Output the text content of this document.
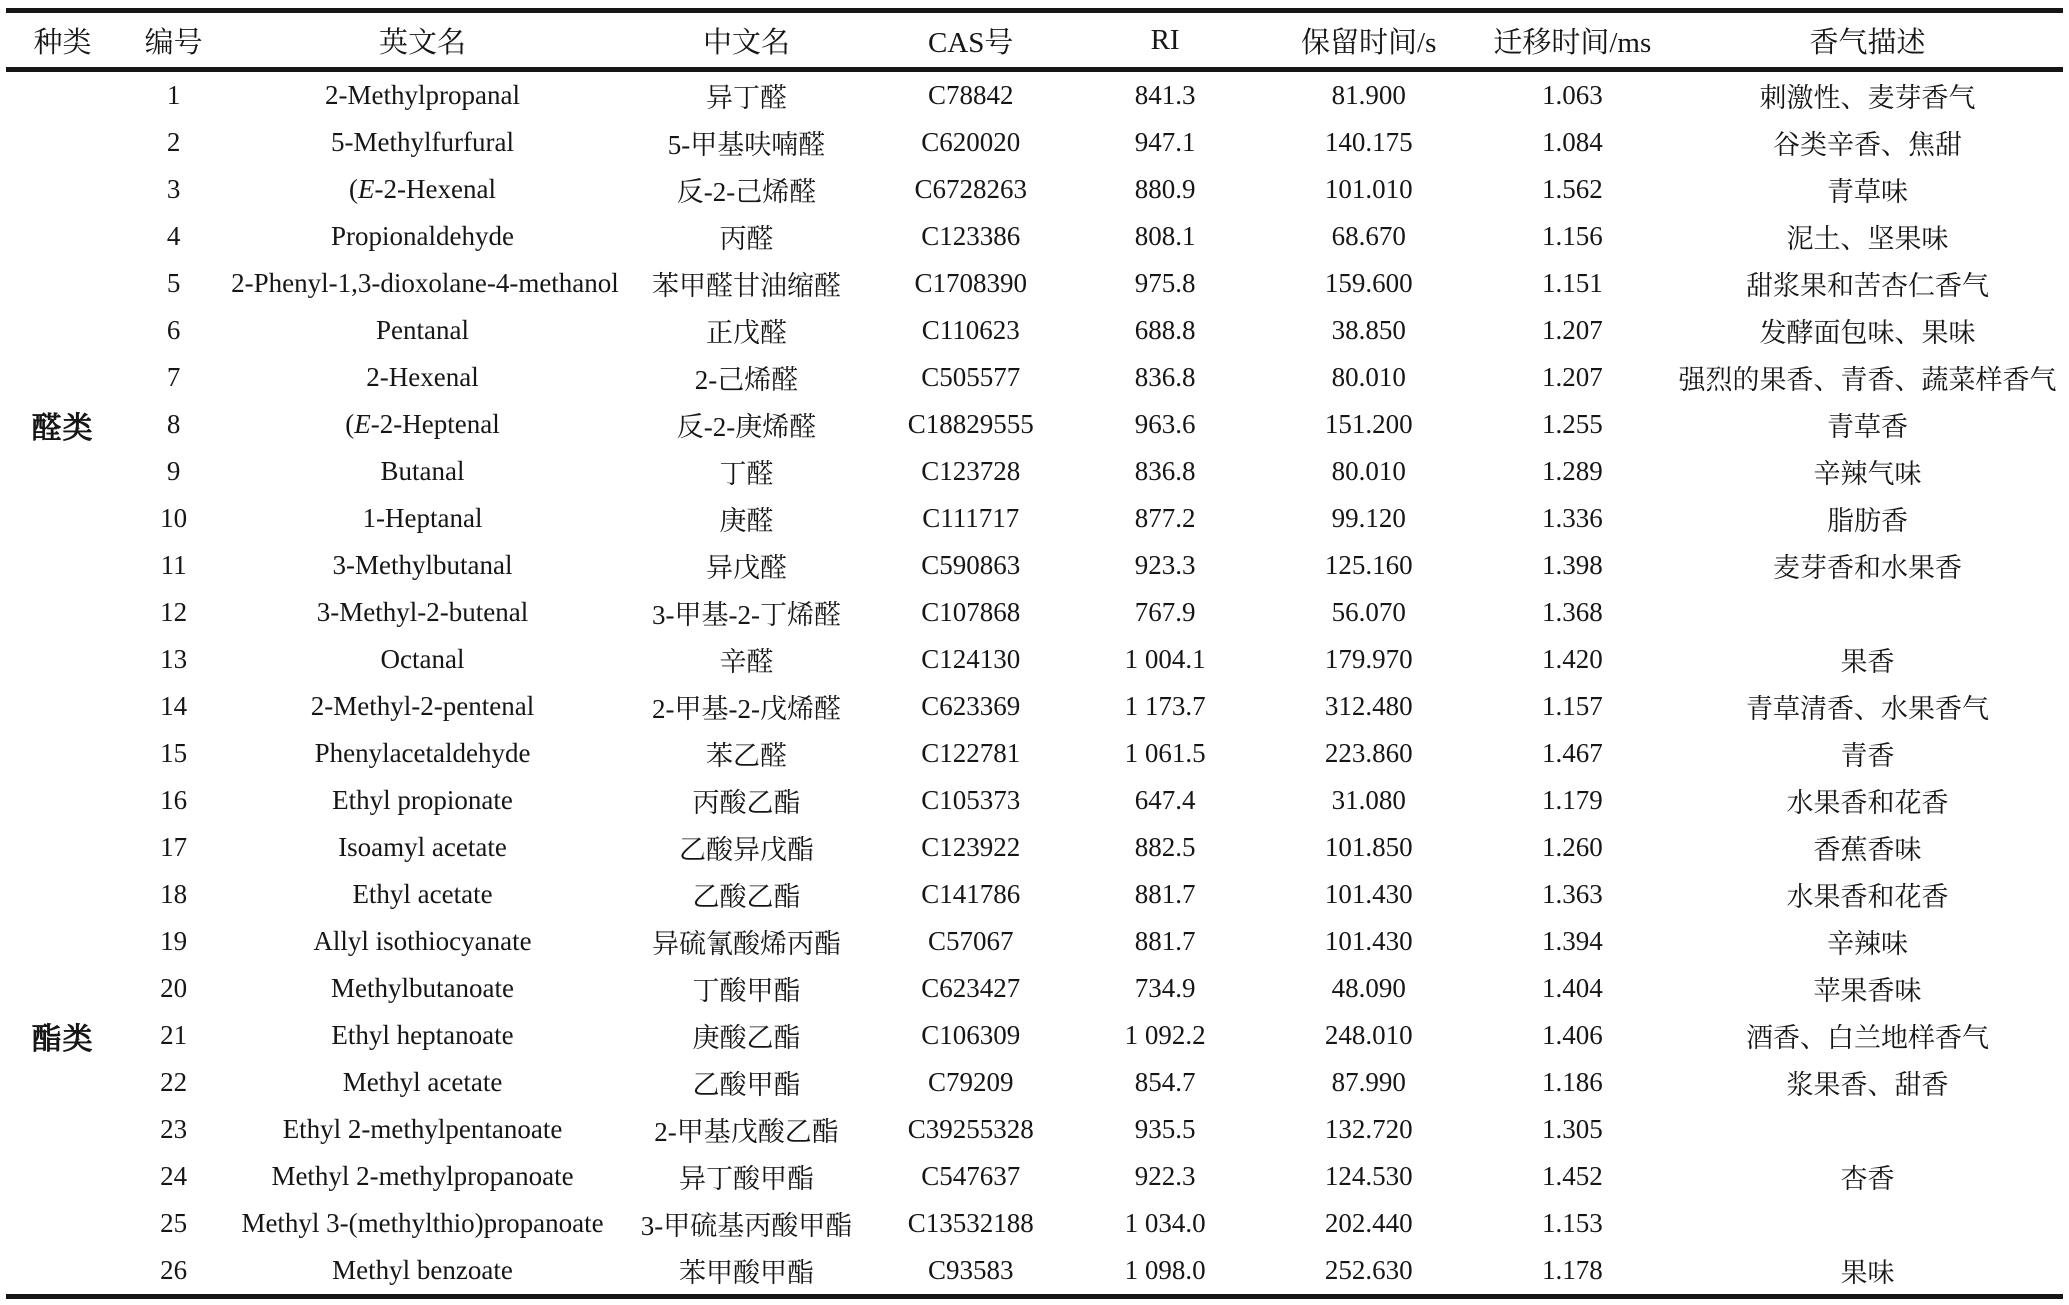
种类	编号	英文名	中文名	CAS号	RI	保留时间/s	迁移时间/ms	香气描述
醛类	1	2-Methylpropanal	异丁醛	C78842	841.3	81.900	1.063	刺激性、麦芽香气
	2	5-Methylfurfural	5-甲基呋喃醛	C620020	947.1	140.175	1.084	谷类辛香、焦甜
	3	(E-2-Hexenal	反-2-己烯醛	C6728263	880.9	101.010	1.562	青草味
	4	Propionaldehyde	丙醛	C123386	808.1	68.670	1.156	泥土、坚果味
	5	2-Phenyl-1,3-dioxolane-4-methanol	苯甲醛甘油缩醛	C1708390	975.8	159.600	1.151	甜浆果和苦杏仁香气
	6	Pentanal	正戊醛	C110623	688.8	38.850	1.207	发酵面包味、果味
	7	2-Hexenal	2-己烯醛	C505577	836.8	80.010	1.207	强烈的果香、青香、蔬菜样香气
	8	(E-2-Heptenal	反-2-庚烯醛	C18829555	963.6	151.200	1.255	青草香
	9	Butanal	丁醛	C123728	836.8	80.010	1.289	辛辣气味
	10	1-Heptanal	庚醛	C111717	877.2	99.120	1.336	脂肪香
	11	3-Methylbutanal	异戊醛	C590863	923.3	125.160	1.398	麦芽香和水果香
	12	3-Methyl-2-butenal	3-甲基-2-丁烯醛	C107868	767.9	56.070	1.368	
	13	Octanal	辛醛	C124130	1 004.1	179.970	1.420	果香
	14	2-Methyl-2-pentenal	2-甲基-2-戊烯醛	C623369	1 173.7	312.480	1.157	青草清香、水果香气
	15	Phenylacetaldehyde	苯乙醛	C122781	1 061.5	223.860	1.467	青香
酯类	16	Ethyl propionate	丙酸乙酯	C105373	647.4	31.080	1.179	水果香和花香
	17	Isoamyl acetate	乙酸异戊酯	C123922	882.5	101.850	1.260	香蕉香味
	18	Ethyl acetate	乙酸乙酯	C141786	881.7	101.430	1.363	水果香和花香
	19	Allyl isothiocyanate	异硫氰酸烯丙酯	C57067	881.7	101.430	1.394	辛辣味
	20	Methylbutanoate	丁酸甲酯	C623427	734.9	48.090	1.404	苹果香味
	21	Ethyl heptanoate	庚酸乙酯	C106309	1 092.2	248.010	1.406	酒香、白兰地样香气
	22	Methyl acetate	乙酸甲酯	C79209	854.7	87.990	1.186	浆果香、甜香
	23	Ethyl 2-methylpentanoate	2-甲基戊酸乙酯	C39255328	935.5	132.720	1.305	
	24	Methyl 2-methylpropanoate	异丁酸甲酯	C547637	922.3	124.530	1.452	杏香
	25	Methyl 3-(methylthio)propanoate	3-甲硫基丙酸甲酯	C13532188	1 034.0	202.440	1.153	
	26	Methyl benzoate	苯甲酸甲酯	C93583	1 098.0	252.630	1.178	果味
